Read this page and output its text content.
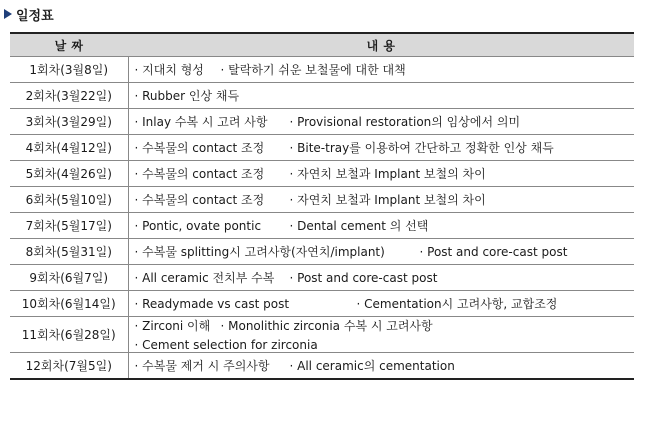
일정표
날 짜	내 용
1회차(3월8일)	· 지대치 형성 · 탈락하기 쉬운 보철물에 대한 대책

2회차(3월22일)	· Rubber 인상 채득

3회차(3월29일)	· Inlay 수복 시 고려 사항 · Provisional restoration의 임상에서 의미

4회차(4월12일)	· 수복물의 contact 조정 · Bite-tray를 이용하여 간단하고 정확한 인상 채득

5회차(4월26일)	· 수복물의 contact 조정 · 자연치 보철과 Implant 보철의 차이

6회차(5월10일)	· 수복물의 contact 조정 · 자연치 보철과 Implant 보철의 차이

7회차(5월17일)	· Pontic, ovate pontic · Dental cement 의 선택

8회차(5월31일)	· 수복물 splitting시 고려사항(자연치/implant) · Post and core-cast post

9회차(6월7일)	· All ceramic 전치부 수복 · Post and core-cast post

10회차(6월14일)	· Readymade vs cast post · Cementation시 고려사항, 교합조정

11회차(6월28일)	· Zirconi 이해 · Monolithic zirconia 수복 시 고려사항
· Cement selection for zirconia

12회차(7월5일)	· 수복물 제거 시 주의사항 · All ceramic의 cementation
